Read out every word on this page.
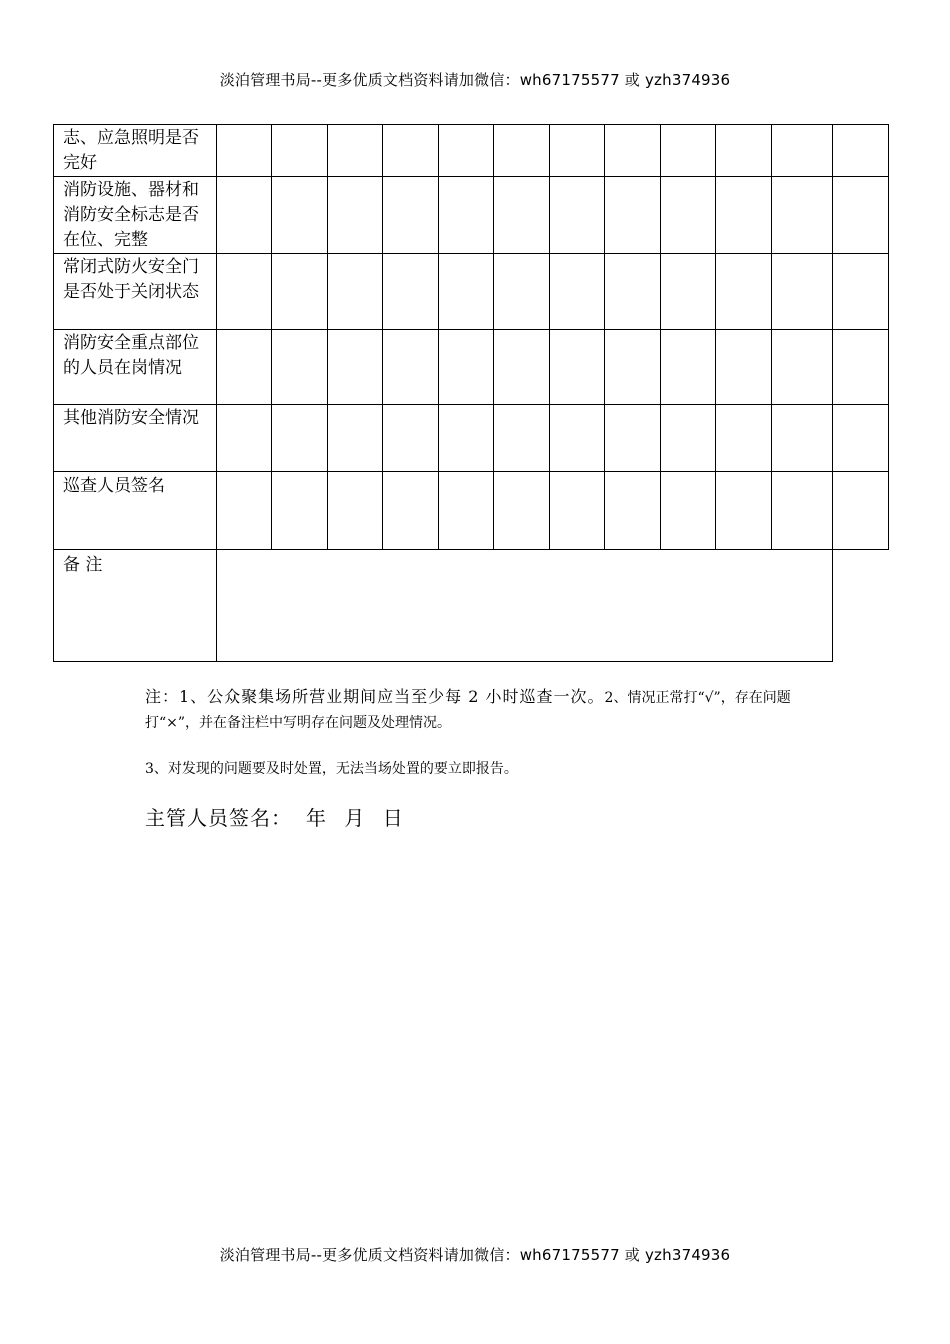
淡泊管理书局--更多优质文档资料请加微信：wh67175577 或 yzh374936
志、应急照明是否完好												
消防设施、器材和消防安全标志是否在位、完整												
常闭式防火安全门是否处于关闭状态												
消防安全重点部位的人员在岗情况												
其他消防安全情况												
巡查人员签名												
备 注												
注：1、公众聚集场所营业期间应当至少每 2 小时巡查一次。2、情况正常打“√”，存在问题打“×”，并在备注栏中写明存在问题及处理情况。
3、对发现的问题要及时处置，无法当场处置的要立即报告。
主管人员签名： 年 月 日
淡泊管理书局--更多优质文档资料请加微信：wh67175577 或 yzh374936
